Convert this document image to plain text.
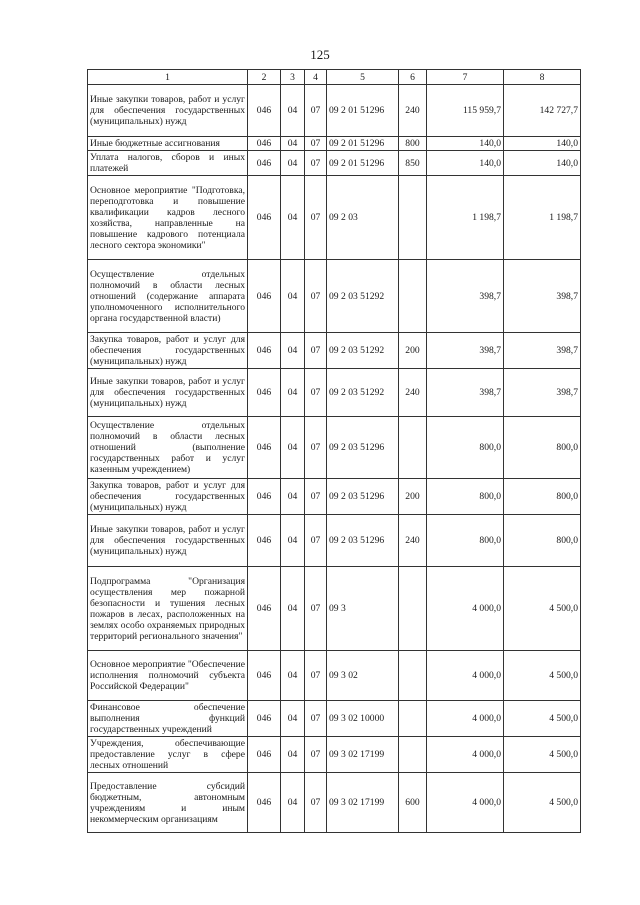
125
1	2	3	4	5	6	7	8
Иные закупки товаров, работ и услуг для обеспечения государственных (муниципальных) нужд	046	04	07	09 2 01 51296	240	115 959,7	142 727,7
Иные бюджетные ассигнования	046	04	07	09 2 01 51296	800	140,0	140,0
Уплата налогов, сборов и иных платежей	046	04	07	09 2 01 51296	850	140,0	140,0
Основное мероприятие "Подготовка, переподготовка и повышение квалификации кадров лесного хозяйства, направленные на повышение кадрового потенциала лесного сектора экономики"	046	04	07	09 2 03		1 198,7	1 198,7
Осуществление отдельных полномочий в области лесных отношений (содержание аппарата уполномоченного исполнительного органа государственной власти)	046	04	07	09 2 03 51292		398,7	398,7
Закупка товаров, работ и услуг для обеспечения государственных (муниципальных) нужд	046	04	07	09 2 03 51292	200	398,7	398,7
Иные закупки товаров, работ и услуг для обеспечения государственных (муниципальных) нужд	046	04	07	09 2 03 51292	240	398,7	398,7
Осуществление отдельных полномочий в области лесных отношений (выполнение государственных работ и услуг казенным учреждением)	046	04	07	09 2 03 51296		800,0	800,0
Закупка товаров, работ и услуг для обеспечения государственных (муниципальных) нужд	046	04	07	09 2 03 51296	200	800,0	800,0
Иные закупки товаров, работ и услуг для обеспечения государственных (муниципальных) нужд	046	04	07	09 2 03 51296	240	800,0	800,0
Подпрограмма "Организация осуществления мер пожарной безопасности и тушения лесных пожаров в лесах, расположенных на землях особо охраняемых природных территорий регионального значения"	046	04	07	09 3		4 000,0	4 500,0
Основное мероприятие "Обеспечение исполнения полномочий субъекта Российской Федерации"	046	04	07	09 3 02		4 000,0	4 500,0
Финансовое обеспечение выполнения функций государственных учреждений	046	04	07	09 3 02 10000		4 000,0	4 500,0
Учреждения, обеспечивающие предоставление услуг в сфере лесных отношений	046	04	07	09 3 02 17199		4 000,0	4 500,0
Предоставление субсидий бюджетным, автономным учреждениям и иным некоммерческим организациям	046	04	07	09 3 02 17199	600	4 000,0	4 500,0
